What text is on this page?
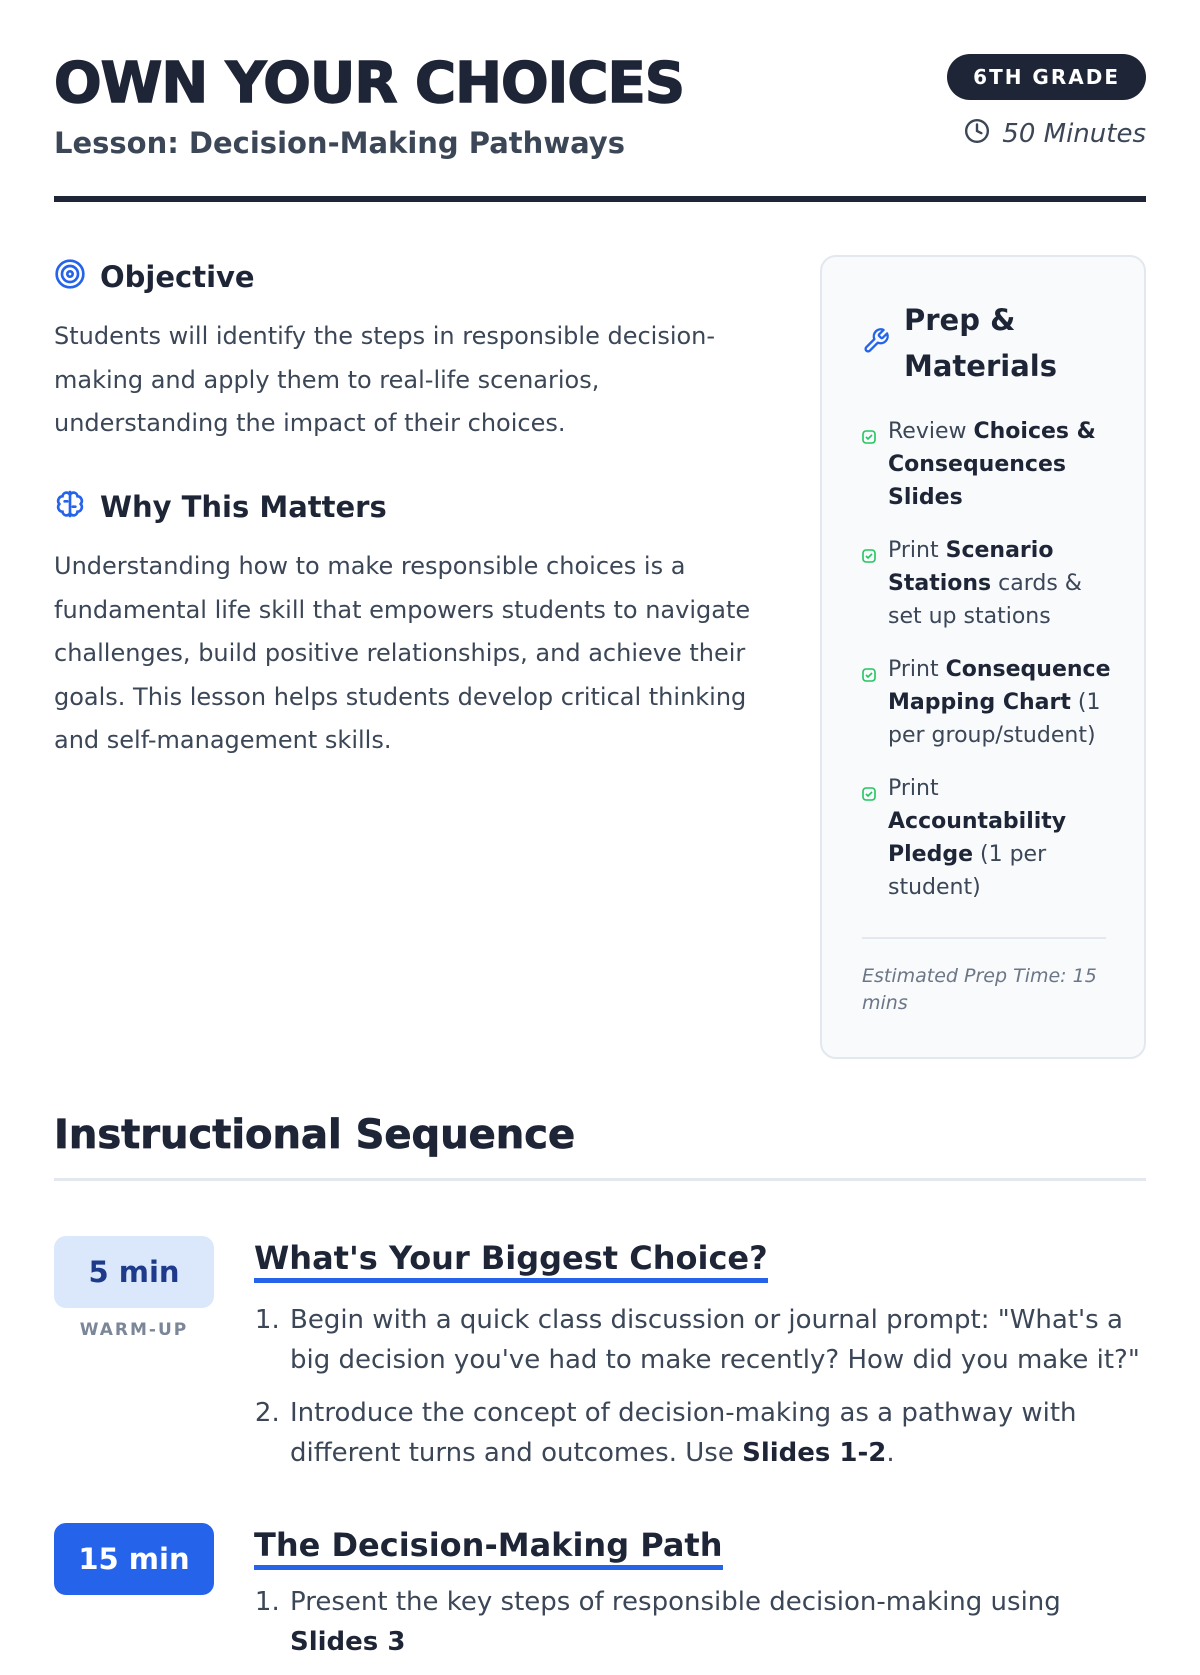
OWN YOUR CHOICES
Lesson: Decision-Making Pathways
6TH GRADE
50 Minutes
Objective

Students will identify the steps in responsible decision-making and apply them to real-life scenarios, understanding the impact of their choices.

Why This Matters

Understanding how to make responsible choices is a fundamental life skill that empowers students to navigate challenges, build positive relationships, and achieve their goals. This lesson helps students develop critical thinking and self-management skills.

Prep & Materials
Review Choices & Consequences Slides
Print Scenario Stations cards & set up stations
Print Consequence Mapping Chart (1 per group/student)
Print Accountability Pledge (1 per student)

Estimated Prep Time: 15 mins

Instructional Sequence
5 min
WARM-UP
What's Your Biggest Choice?
1. Begin with a quick class discussion or journal prompt: "What's a big decision you've had to make recently? How did you make it?"
2. Introduce the concept of decision-making as a pathway with different turns and outcomes. Use Slides 1-2.
15 min	The Decision-Making Path
1. Present the key steps of responsible decision-making using Slides 3
